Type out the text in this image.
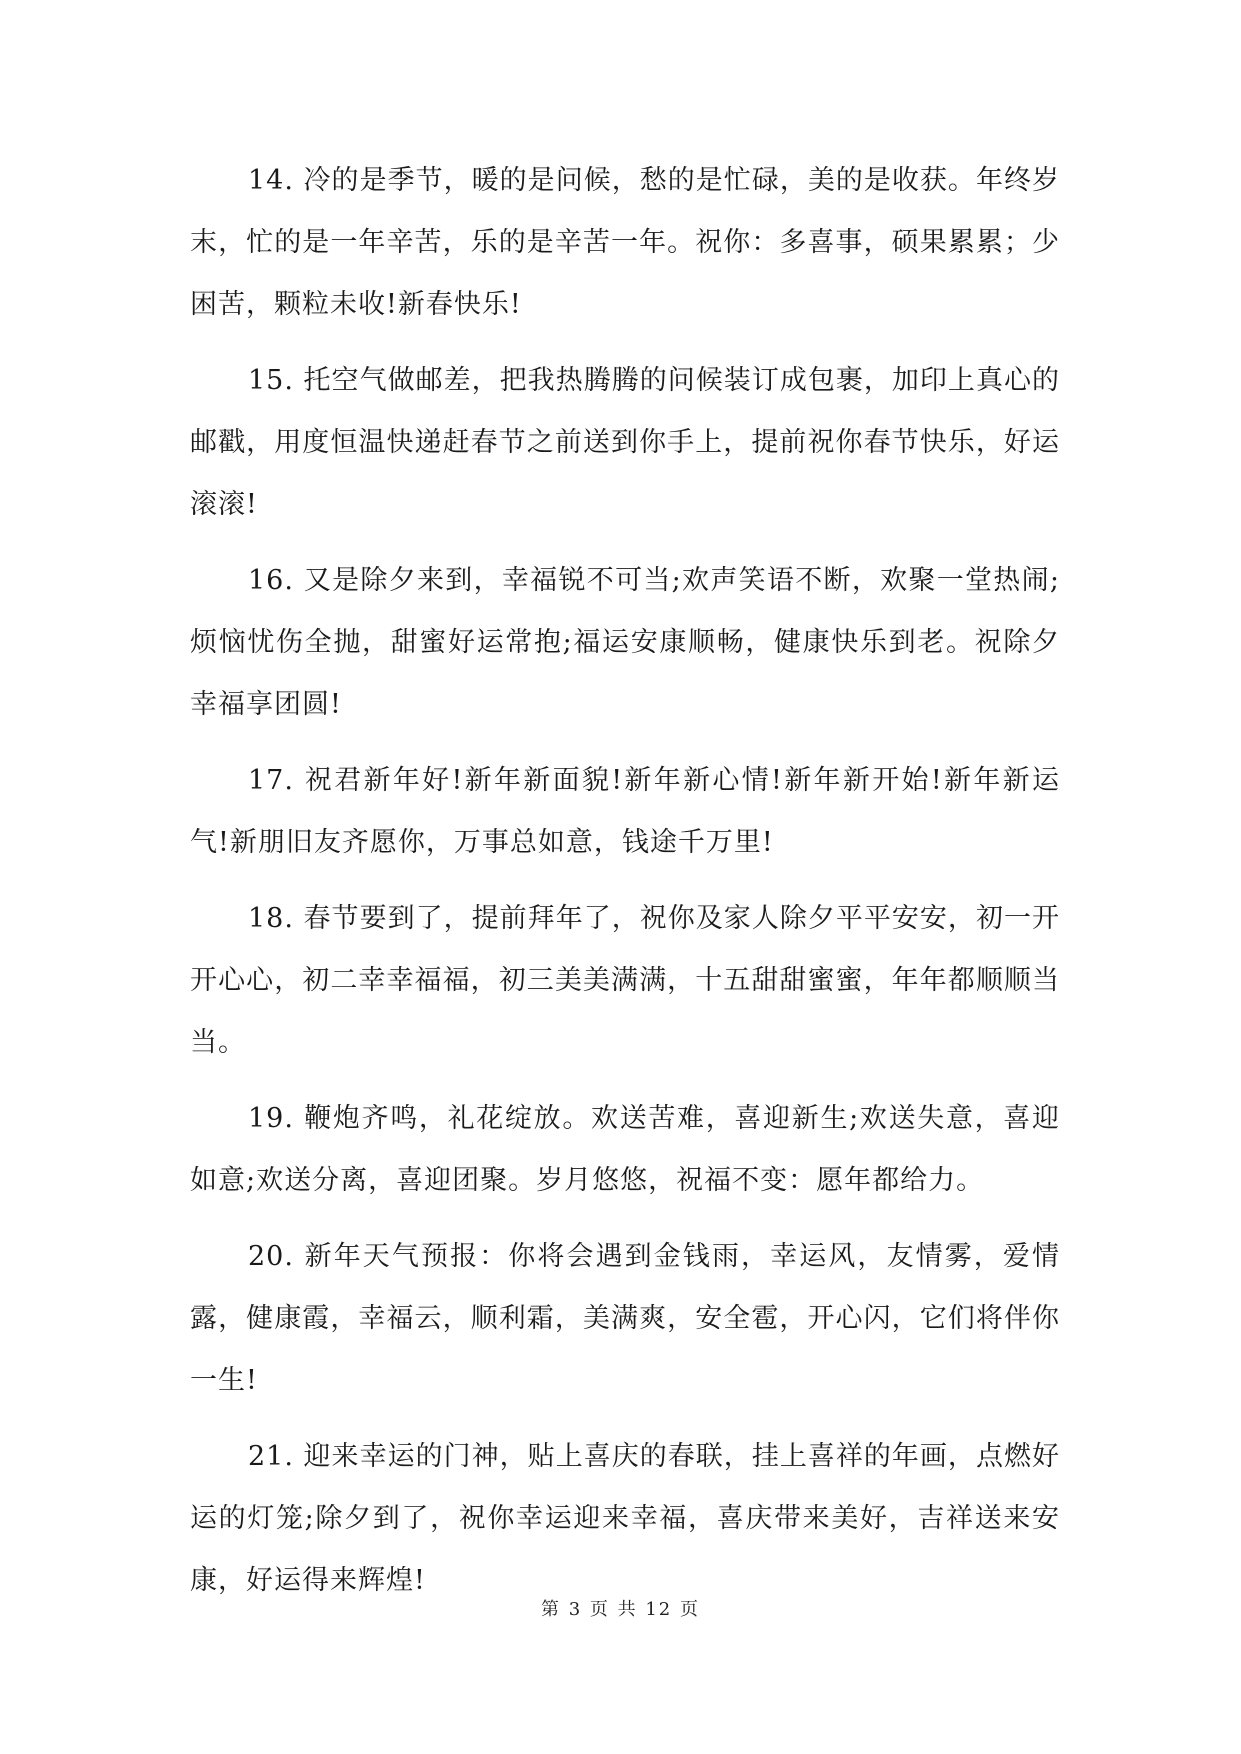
14. 冷的是季节，暖的是问候，愁的是忙碌，美的是收获。年终岁末，忙的是一年辛苦，乐的是辛苦一年。祝你：多喜事，硕果累累；少困苦，颗粒未收!新春快乐!

15. 托空气做邮差，把我热腾腾的问候装订成包裹，加印上真心的邮戳，用度恒温快递赶春节之前送到你手上，提前祝你春节快乐，好运滚滚!

16. 又是除夕来到，幸福锐不可当;欢声笑语不断，欢聚一堂热闹;烦恼忧伤全抛，甜蜜好运常抱;福运安康顺畅，健康快乐到老。祝除夕幸福享团圆!

17. 祝君新年好!新年新面貌!新年新心情!新年新开始!新年新运气!新朋旧友齐愿你，万事总如意，钱途千万里!

18. 春节要到了，提前拜年了，祝你及家人除夕平平安安，初一开开心心，初二幸幸福福，初三美美满满，十五甜甜蜜蜜，年年都顺顺当当。

19. 鞭炮齐鸣，礼花绽放。欢送苦难，喜迎新生;欢送失意，喜迎如意;欢送分离，喜迎团聚。岁月悠悠，祝福不变：愿年都给力。

20. 新年天气预报：你将会遇到金钱雨，幸运风，友情雾，爱情露，健康霞，幸福云，顺利霜，美满爽，安全雹，开心闪，它们将伴你一生!

21. 迎来幸运的门神，贴上喜庆的春联，挂上喜祥的年画，点燃好运的灯笼;除夕到了，祝你幸运迎来幸福，喜庆带来美好，吉祥送来安康，好运得来辉煌!

第 3 页 共 12 页
